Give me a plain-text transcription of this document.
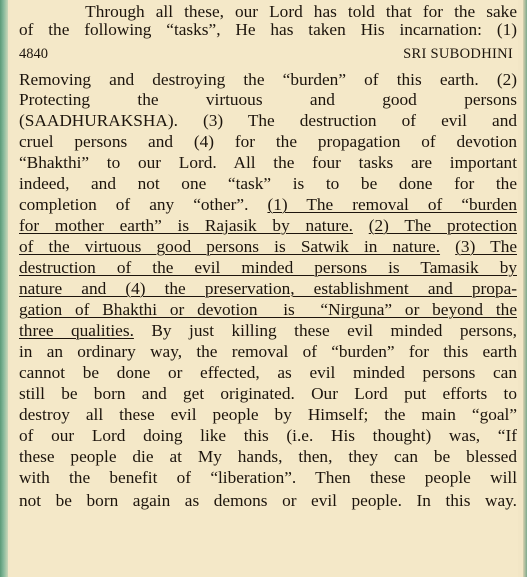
Through all these, our Lord has told that for the sake
of the following “tasks”, He has taken His incarnation: (1)
4840	SRI SUBODHINI
Removing and destroying the “burden” of this earth. (2)
Protecting    the    virtuous    and    good    persons
(SAADHURAKSHA). (3) The destruction of evil and
cruel persons and (4) for the propagation of devotion
“Bhakthi” to our Lord. All the four tasks are important
indeed, and not one “task” is to be done for the
completion of any “other”. (1) The removal of “burden
for mother earth” is Rajasik by nature. (2) The protection
of the virtuous good persons is Satwik in nature. (3) The
destruction of the evil minded persons is Tamasik by
nature and (4) the preservation, establishment and propa-
gation of Bhakthi or devotion  is  “Nirguna” or beyond the
three qualities. By just killing these evil minded persons,
in an ordinary way, the removal of “burden” for this earth
cannot be done or effected, as evil minded persons can
still be born and get originated. Our Lord put efforts to
destroy all these evil people by Himself; the main “goal”
of our Lord doing like this (i.e. His thought) was, “If
these people die at My hands, then, they can be blessed
with the benefit of “liberation”. Then these people will
not be born again as demons or evil people. In this way.
